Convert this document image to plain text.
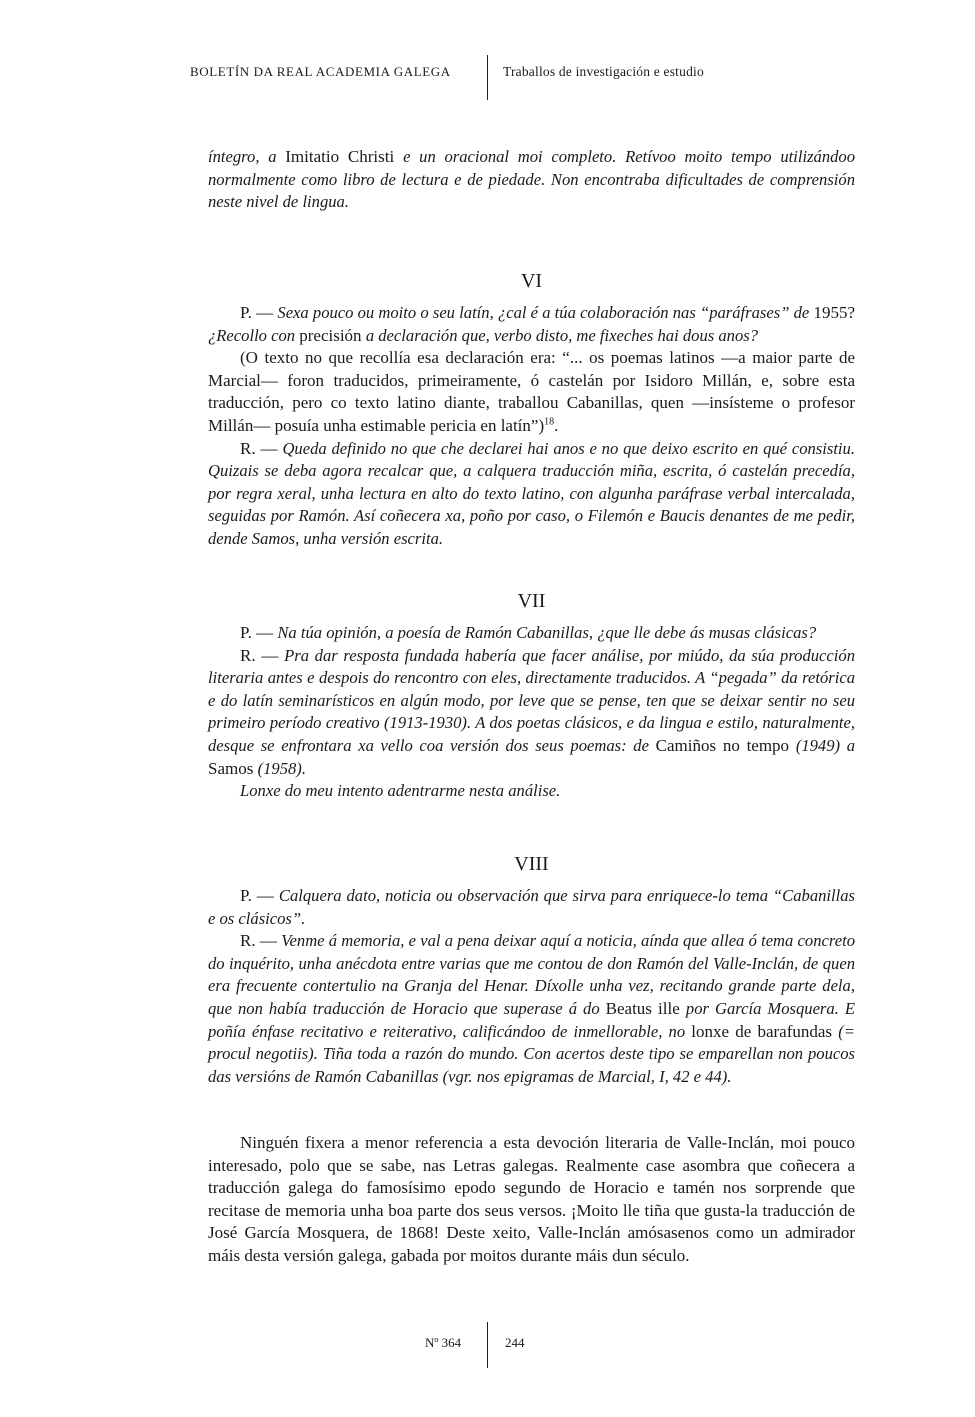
BOLETÍN DA REAL ACADEMIA GALEGA	Traballos de investigación e estudio

íntegro, a Imitatio Christi e un oracional moi completo. Retívoo moito tempo utilizándoo normalmente como libro de lectura e de piedade. Non encontraba dificultades de comprensión neste nivel de lingua.

VI

P. — Sexa pouco ou moito o seu latín, ¿cal é a túa colaboración nas “paráfrases” de 1955? ¿Recollo con precisión a declaración que, verbo disto, me fixeches hai dous anos?

(O texto no que recollía esa declaración era: “... os poemas latinos —a maior parte de Marcial— foron traducidos, primeiramente, ó castelán por Isidoro Millán, e, sobre esta traducción, pero co texto latino diante, traballou Cabanillas, quen —insísteme o profesor Millán— posuía unha estimable pericia en latín”)$^{18}$.

R. — Queda definido no que che declarei hai anos e no que deixo escrito en qué consistiu. Quizais se deba agora recalcar que, a calquera traducción miña, escrita, ó castelán precedía, por regra xeral, unha lectura en alto do texto latino, con algunha paráfrase verbal intercalada, seguidas por Ramón. Así coñecera xa, poño por caso, o Filemón e Baucis denantes de me pedir, dende Samos, unha versión escrita.

VII

P. — Na túa opinión, a poesía de Ramón Cabanillas, ¿que lle debe ás musas clásicas?

R. — Pra dar resposta fundada habería que facer análise, por miúdo, da súa producción literaria antes e despois do rencontro con eles, directamente traducidos. A “pegada” da retórica e do latín seminarísticos en algún modo, por leve que se pense, ten que se deixar sentir no seu primeiro período creativo (1913-1930). A dos poetas clásicos, e da lingua e estilo, naturalmente, desque se enfrontara xa vello coa versión dos seus poemas: de Camiños no tempo (1949) a Samos (1958).

Lonxe do meu intento adentrarme nesta análise.

VIII

P. — Calquera dato, noticia ou observación que sirva para enriquece-lo tema “Cabanillas e os clásicos”.

R. — Venme á memoria, e val a pena deixar aquí a noticia, aínda que allea ó tema concreto do inquérito, unha anécdota entre varias que me contou de don Ramón del Valle-Inclán, de quen era frecuente contertulio na Granja del Henar. Díxolle unha vez, recitando grande parte dela, que non había traducción de Horacio que superase á do Beatus ille por García Mosquera. E poñía énfase recitativo e reiterativo, calificándoo de inmellorable, no lonxe de barafundas (= procul negotiis). Tiña toda a razón do mundo. Con acertos deste tipo se emparellan non poucos das versións de Ramón Cabanillas (vgr. nos epigramas de Marcial, I, 42 e 44).

Ninguén fixera a menor referencia a esta devoción literaria de Valle-Inclán, moi pouco interesado, polo que se sabe, nas Letras galegas. Realmente case asombra que coñecera a traducción galega do famosísimo epodo segundo de Horacio e tamén nos sorprende que recitase de memoria unha boa parte dos seus versos. ¡Moito lle tiña que gusta-la traducción de José García Mosquera, de 1868! Deste xeito, Valle-Inclán amósasenos como un admirador máis desta versión galega, gabada por moitos durante máis dun século.

Nº 364	244
